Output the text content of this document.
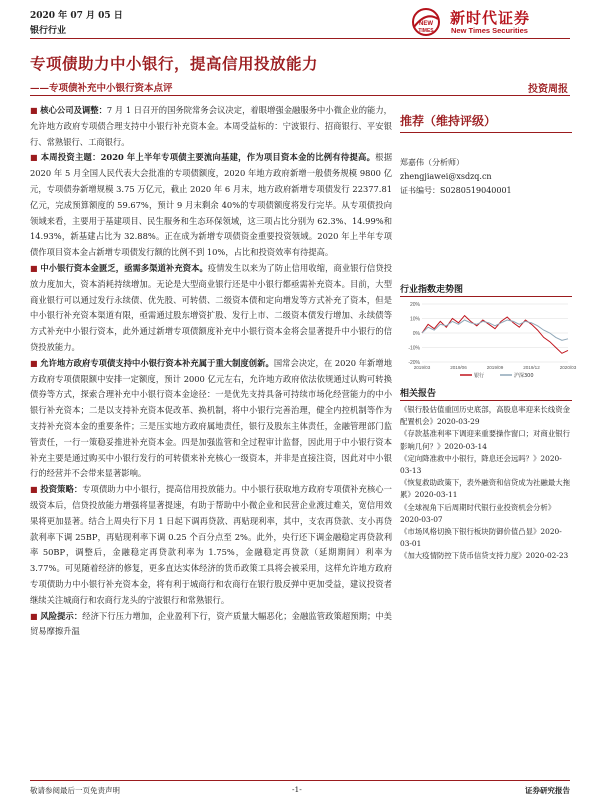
2020 年 07 月 05 日
银行行业
NEW
TIMES
新时代证券
New Times Securities
专项债助力中小银行，提高信用投放能力
——专项债补充中小银行资本点评	投资周报

■ 核心公司及调整：7 月 1 日召开的国务院常务会议决定，着眼增强金融服务中小微企业的能力，允许地方政府专项债合理支持中小银行补充资本金。本周受益标的：宁波银行、招商银行、平安银行、常熟银行、工商银行。

■ 本周投资主题：2020 年上半年专项债主要流向基建，作为项目资本金的比例有待提高。根据 2020 年 5 月全国人民代表大会批准的专项债额度，2020 年地方政府新增一般债务规模 9800 亿元，专项债券新增规模 3.75 万亿元，截止 2020 年 6 月末，地方政府新增专项债发行 22377.81 亿元，完成预算额度的 59.67%，预计 9 月末剩余 40%的专项债额度将发行完毕。从专项债投向领域来看，主要用于基建项目、民生服务和生态环保领域，这三项占比分别为 62.3%、14.99%和 14.93%，新基建占比为 32.88%。正在成为新增专项债资金重要投资领域。2020 年上半年专项债作项目资本金占新增专项债发行额的比例不到 10%，占比和投资效率有待提高。

■ 中小银行资本金匮乏，亟需多渠道补充资本。疫情发生以来为了防止信用收缩，商业银行信贷投放力度加大，资本消耗持续增加。无论是大型商业银行还是中小银行都亟需补充资本。目前，大型商业银行可以通过发行永续债、优先股、可转债、二级资本债和定向增发等方式补充了资本，但是中小银行补充资本渠道有限，亟需通过股东增资扩股、发行上市、二级资本债发行增加、永续债等方式补充中小银行资本，此外通过新增专项债额度补充中小银行资本金将会显著提升中小银行的信贷投放能力。

■ 允许地方政府专项债支持中小银行资本补充属于重大制度创新。国常会决定，在 2020 年新增地方政府专项债限额中安排一定额度，预计 2000 亿元左右，允许地方政府依法依规通过认购可转换债券等方式，探索合理补充中小银行资本金途径：一是优先支持具备可持续市场化经营能力的中小银行补充资本；二是以支持补充资本促改革、换机制，将中小银行完善治理，健全内控机制等作为支持补充资本金的重要条件；三是压实地方政府属地责任，银行及股东主体责任，金融管理部门监管责任，一行一策稳妥推进补充资本金。四是加强监管和全过程审计监督，因此用于中小银行资本补充主要是通过购买中小银行发行的可转债来补充核心一级资本，并非是直接注资，因此对中小银行的经营并不会带来显著影响。

■ 投资策略：专项债助力中小银行，提高信用投放能力。中小银行获取地方政府专项债补充核心一级资本后，信贷投放能力增强将显著提速，有助于帮助中小微企业和民营企业渡过难关，宽信用效果将更加显著。结合上周央行下月 1 日起下调再贷款、再贴现利率，其中，支农再贷款、支小再贷款利率下调 25BP，再贴现利率下调 0.25 个百分点至 2%。此外，央行还下调金融稳定再贷款利率 50BP，调整后，金融稳定再贷款利率为 1.75%，金融稳定再贷款（延期期间）利率为 3.77%。可见随着经济的修复，更多直达实体经济的货币政策工具将会被采用，这样允许地方政府专项债助力中小银行补充资本金，将有利于城商行和农商行在银行股反弹中更加受益，建议投资者继续关注城商行和农商行龙头的宁波银行和常熟银行。

■ 风险提示：经济下行压力增加，企业盈利下行，资产质量大幅恶化；金融监管政策超预期；中美贸易摩擦升温

推荐（维持评级）
郑嘉伟（分析师）
zhengjiawei@xsdzq.cn
证书编号：S0280519040001
行业指数走势图
20%
10%
0%
-10%
-20%
2019/03	2019/06	2019/09	2019/12	2020/03
银行	沪深300
相关报告
《银行股估值重回历史底部，高股息率迎来长线资金配置机会》2020-03-29
《存款基准利率下调迎来重要操作窗口；对商业银行影响几何？》2020-03-14
《定向降准救中小银行，降息还会远吗？》2020-03-13
《恢复救助政策下，表外融资和信贷成为社融最大拖累》2020-03-11
《全球视角下后周期时代银行业投资机会分析》2020-03-07
《市场风格切换下银行板块防御价值凸显》2020-03-01
《加大疫情防控下货币信贷支持力度》2020-02-23
敬请参阅最后一页免责声明	-1-	证券研究报告
